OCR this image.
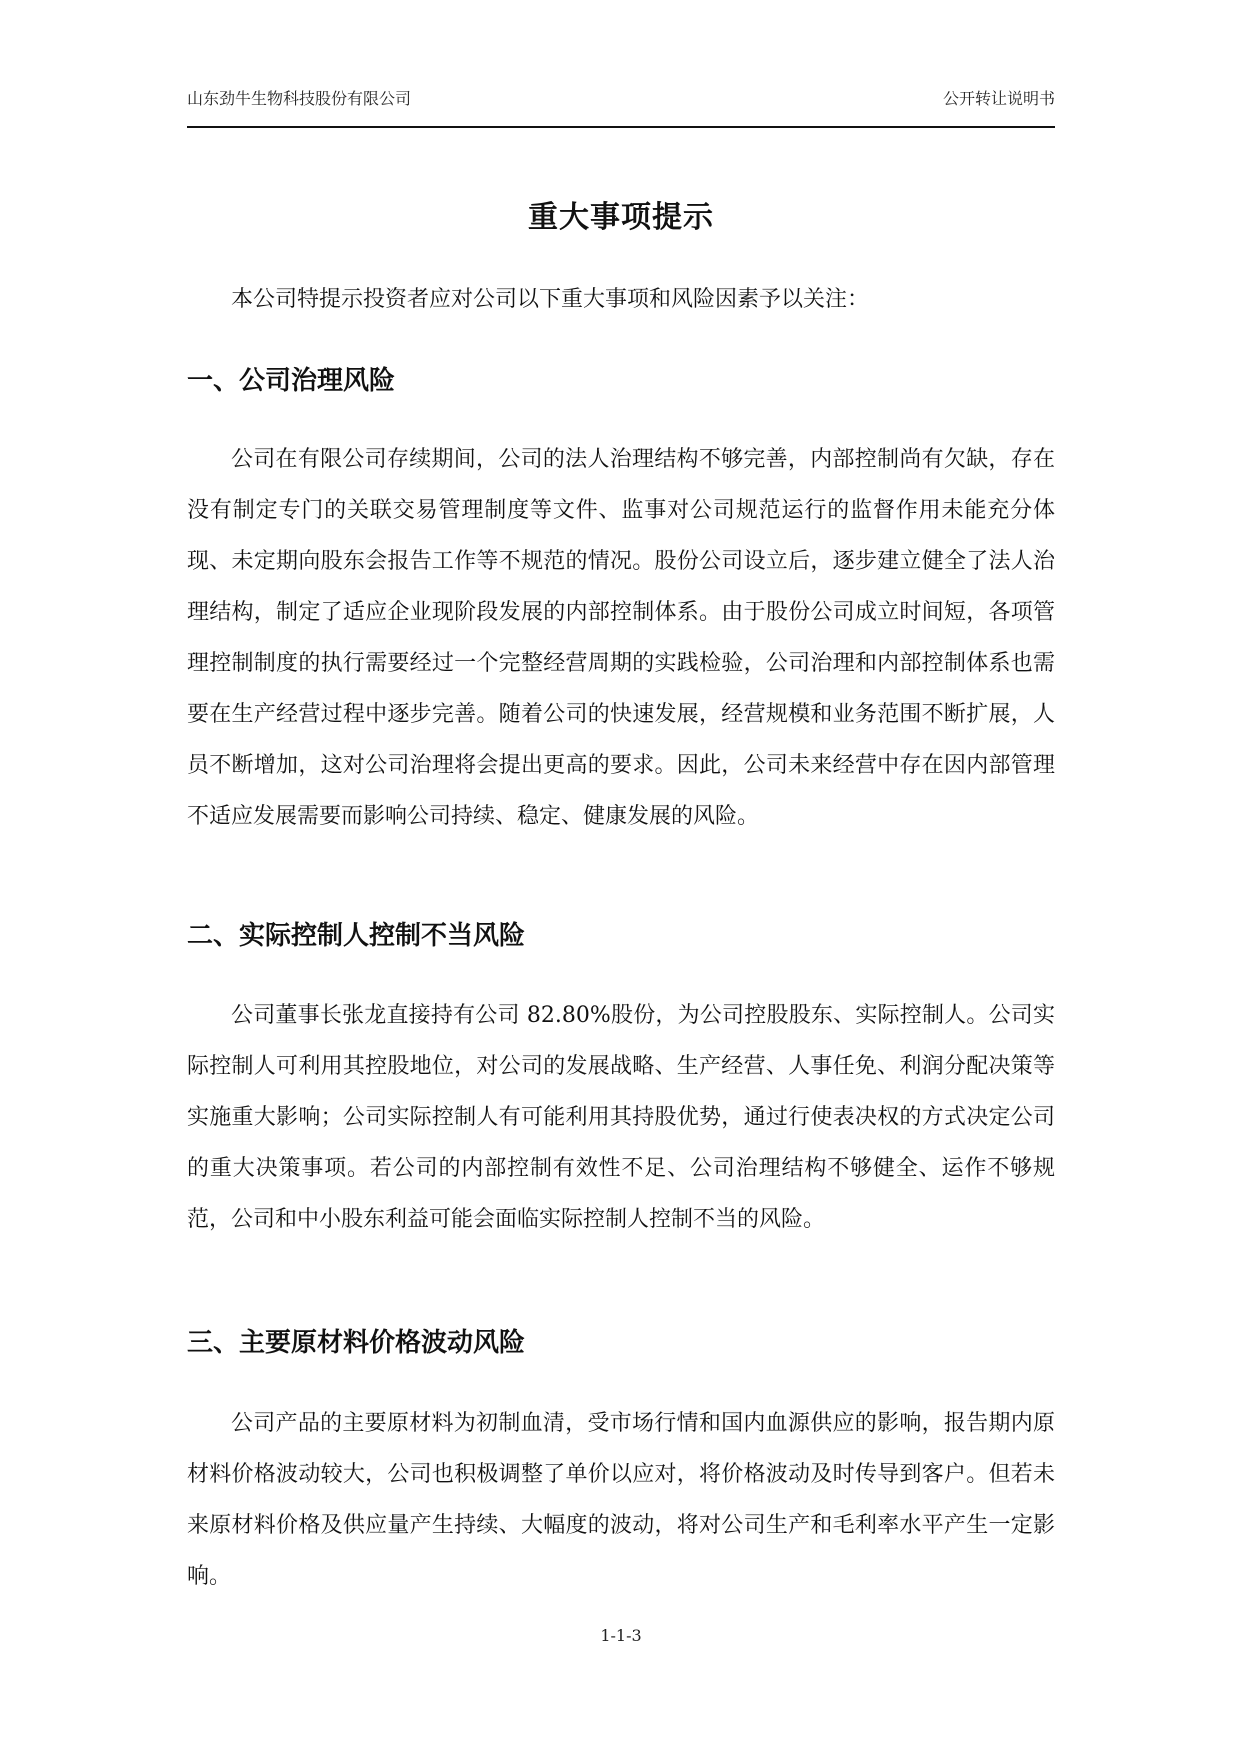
山东劲牛生物科技股份有限公司	公开转让说明书
重大事项提示
本公司特提示投资者应对公司以下重大事项和风险因素予以关注：
一、公司治理风险
公司在有限公司存续期间，公司的法人治理结构不够完善，内部控制尚有欠缺，存在没有制定专门的关联交易管理制度等文件、监事对公司规范运行的监督作用未能充分体现、未定期向股东会报告工作等不规范的情况。股份公司设立后，逐步建立健全了法人治理结构，制定了适应企业现阶段发展的内部控制体系。由于股份公司成立时间短，各项管理控制制度的执行需要经过一个完整经营周期的实践检验，公司治理和内部控制体系也需要在生产经营过程中逐步完善。随着公司的快速发展，经营规模和业务范围不断扩展，人员不断增加，这对公司治理将会提出更高的要求。因此，公司未来经营中存在因内部管理不适应发展需要而影响公司持续、稳定、健康发展的风险。
二、实际控制人控制不当风险
公司董事长张龙直接持有公司 82.80%股份，为公司控股股东、实际控制人。公司实际控制人可利用其控股地位，对公司的发展战略、生产经营、人事任免、利润分配决策等实施重大影响；公司实际控制人有可能利用其持股优势，通过行使表决权的方式决定公司的重大决策事项。若公司的内部控制有效性不足、公司治理结构不够健全、运作不够规范，公司和中小股东利益可能会面临实际控制人控制不当的风险。
三、主要原材料价格波动风险
公司产品的主要原材料为初制血清，受市场行情和国内血源供应的影响，报告期内原材料价格波动较大，公司也积极调整了单价以应对，将价格波动及时传导到客户。但若未来原材料价格及供应量产生持续、大幅度的波动，将对公司生产和毛利率水平产生一定影响。
1-1-3
